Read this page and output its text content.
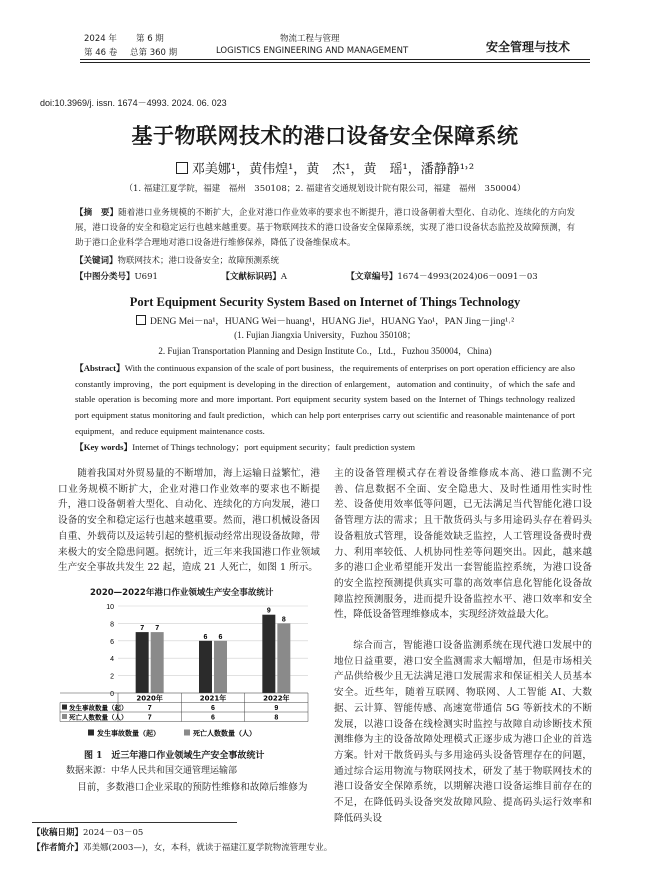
2024 年 第 6 期
第 46 卷 总第 360 期
物流工程与管理
LOGISTICS ENGINEERING AND MANAGEMENT	安全管理与技术
doi:10.3969/j. issn. 1674－4993. 2024. 06. 023
基于物联网技术的港口设备安全保障系统
邓美娜¹，黄伟煌¹，黄　杰¹，黄　瑶¹，潘静静¹˒²
（1. 福建江夏学院，福建　福州　350108；2. 福建省交通规划设计院有限公司，福建　福州　350004）
【摘　要】随着港口业务规模的不断扩大，企业对港口作业效率的要求也不断提升，港口设备朝着大型化、自动化、连续化的方向发展，港口设备的安全和稳定运行也越来越重要。基于物联网技术的港口设备安全保障系统，实现了港口设备状态监控及故障预测，有助于港口企业科学合理地对港口设备进行维修保养，降低了设备维保成本。
【关键词】物联网技术；港口设备安全；故障预测系统
【中图分类号】U691	【文献标识码】A	【文章编号】1674－4993(2024)06－0091－03
Port Equipment Security System Based on Internet of Things Technology
DENG Mei－na¹，HUANG Wei－huang¹，HUANG Jie¹，HUANG Yao¹，PAN Jing－jing¹˒²
(1. Fujian Jiangxia University，Fuzhou 350108；
2. Fujian Transportation Planning and Design Institute Co.，Ltd.，Fuzhou 350004，China)
【Abstract】With the continuous expansion of the scale of port business，the requirements of enterprises on port operation efficiency are also constantly improving，the port equipment is developing in the direction of enlargement，automation and continuity，of which the safe and stable operation is becoming more and more important. Port equipment security system based on the Internet of Things technology realized port equipment status monitoring and fault prediction，which can help port enterprises carry out scientific and reasonable maintenance of port equipment，and reduce equipment maintenance costs.
【Key words】Internet of Things technology；port equipment security；fault prediction system

随着我国对外贸易量的不断增加，海上运输日益繁忙，港口业务规模不断扩大，企业对港口作业效率的要求也不断提升，港口设备朝着大型化、自动化、连续化的方向发展，港口设备的安全和稳定运行也越来越重要。然而，港口机械设备因自重、外载荷以及运转引起的整机振动经常出现设备故障，带来极大的安全隐患问题。据统计，近三年来我国港口作业领域生产安全事故共发生 22 起，造成 21 人死亡，如图 1 所示。

2020—2022年港口作业领域生产安全事故统计
0
2
4
6
8
10
7 7
6 6
9
8
2020年	2021年	2022年
发生事故数量（起）	7	6	9
死亡人数数量（人）	7	6	8
发生事故数量（起）	死亡人数数量（人）
图 1　近三年港口作业领域生产安全事故统计
数据来源：中华人民共和国交通管理运输部

目前，多数港口企业采取的预防性维修和故障后维修为

主的设备管理模式存在着设备维修成本高、港口监测不完善、信息数据不全面、安全隐患大、及时性通用性实时性差、设备使用效率低等问题，已无法满足当代智能化港口设备管理方法的需求；且干散货码头与多用途码头存在着码头设备粗放式管理，设备能效缺乏监控，人工管理设备费时费力、利用率较低、人机协同性差等问题突出。因此，越来越多的港口企业希望能开发出一套智能监控系统，为港口设备的安全监控预测提供真实可靠的高效率信息化智能化设备故障监控预测服务，进而提升设备监控水平、港口效率和安全性，降低设备管理维修成本，实现经济效益最大化。

综合而言，智能港口设备监测系统在现代港口发展中的地位日益重要，港口安全监测需求大幅增加，但是市场相关产品供给极少且无法满足港口发展需求和保证相关人员基本安全。近些年，随着互联网、物联网、人工智能 AI、大数据、云计算、智能传感、高速宽带通信 5G 等新技术的不断发展，以港口设备在线检测实时监控与故障自动诊断技术预测维修为主的设备故障处理模式正逐步成为港口企业的首选方案。针对干散货码头与多用途码头设备管理存在的问题，通过综合运用物流与物联网技术，研发了基于物联网技术的港口设备安全保障系统，以期解决港口设备运维目前存在的不足，在降低码头设备突发故障风险、提高码头运行效率和降低码头设

【收稿日期】2024－03－05
【作者简介】邓美娜(2003—)，女，本科，就读于福建江夏学院物流管理专业。
